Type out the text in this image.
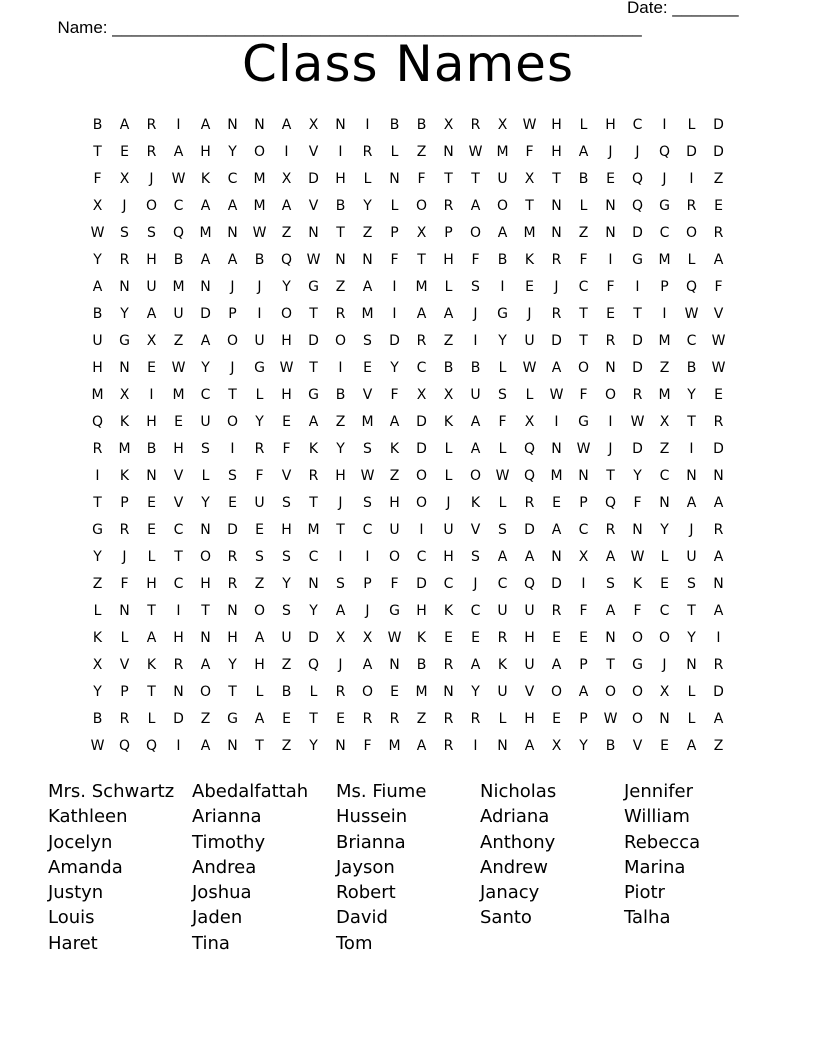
Name: ________________________________________________________

Date: _______

Class Names
B	A	R	I	A	N	N	A	X	N	I	B	B	X	R	X	W	H	L	H	C	I	L	D
T	E	R	A	H	Y	O	I	V	I	R	L	Z	N	W	M	F	H	A	J	J	Q	D	D
F	X	J	W	K	C	M	X	D	H	L	N	F	T	T	U	X	T	B	E	Q	J	I	Z
X	J	O	C	A	A	M	A	V	B	Y	L	O	R	A	O	T	N	L	N	Q	G	R	E
W	S	S	Q	M	N	W	Z	N	T	Z	P	X	P	O	A	M	N	Z	N	D	C	O	R
Y	R	H	B	A	A	B	Q	W	N	N	F	T	H	F	B	K	R	F	I	G	M	L	A
A	N	U	M	N	J	J	Y	G	Z	A	I	M	L	S	I	E	J	C	F	I	P	Q	F
B	Y	A	U	D	P	I	O	T	R	M	I	A	A	J	G	J	R	T	E	T	I	W	V
U	G	X	Z	A	O	U	H	D	O	S	D	R	Z	I	Y	U	D	T	R	D	M	C	W
H	N	E	W	Y	J	G	W	T	I	E	Y	C	B	B	L	W	A	O	N	D	Z	B	W
M	X	I	M	C	T	L	H	G	B	V	F	X	X	U	S	L	W	F	O	R	M	Y	E
Q	K	H	E	U	O	Y	E	A	Z	M	A	D	K	A	F	X	I	G	I	W	X	T	R
R	M	B	H	S	I	R	F	K	Y	S	K	D	L	A	L	Q	N	W	J	D	Z	I	D
I	K	N	V	L	S	F	V	R	H	W	Z	O	L	O	W	Q	M	N	T	Y	C	N	N
T	P	E	V	Y	E	U	S	T	J	S	H	O	J	K	L	R	E	P	Q	F	N	A	A
G	R	E	C	N	D	E	H	M	T	C	U	I	U	V	S	D	A	C	R	N	Y	J	R
Y	J	L	T	O	R	S	S	C	I	I	O	C	H	S	A	A	N	X	A	W	L	U	A
Z	F	H	C	H	R	Z	Y	N	S	P	F	D	C	J	C	Q	D	I	S	K	E	S	N
L	N	T	I	T	N	O	S	Y	A	J	G	H	K	C	U	U	R	F	A	F	C	T	A
K	L	A	H	N	H	A	U	D	X	X	W	K	E	E	R	H	E	E	N	O	O	Y	I
X	V	K	R	A	Y	H	Z	Q	J	A	N	B	R	A	K	U	A	P	T	G	J	N	R
Y	P	T	N	O	T	L	B	L	R	O	E	M	N	Y	U	V	O	A	O	O	X	L	D
B	R	L	D	Z	G	A	E	T	E	R	R	Z	R	R	L	H	E	P	W	O	N	L	A
W	Q	Q	I	A	N	T	Z	Y	N	F	M	A	R	I	N	A	X	Y	B	V	E	A	Z
Mrs. Schwartz
Kathleen
Jocelyn
Amanda
Justyn
Louis
Haret
Abedalfattah
Arianna
Timothy
Andrea
Joshua
Jaden
Tina
Ms. Fiume
Hussein
Brianna
Jayson
Robert
David
Tom
Nicholas
Adriana
Anthony
Andrew
Janacy
Santo
Jennifer
William
Rebecca
Marina
Piotr
Talha
